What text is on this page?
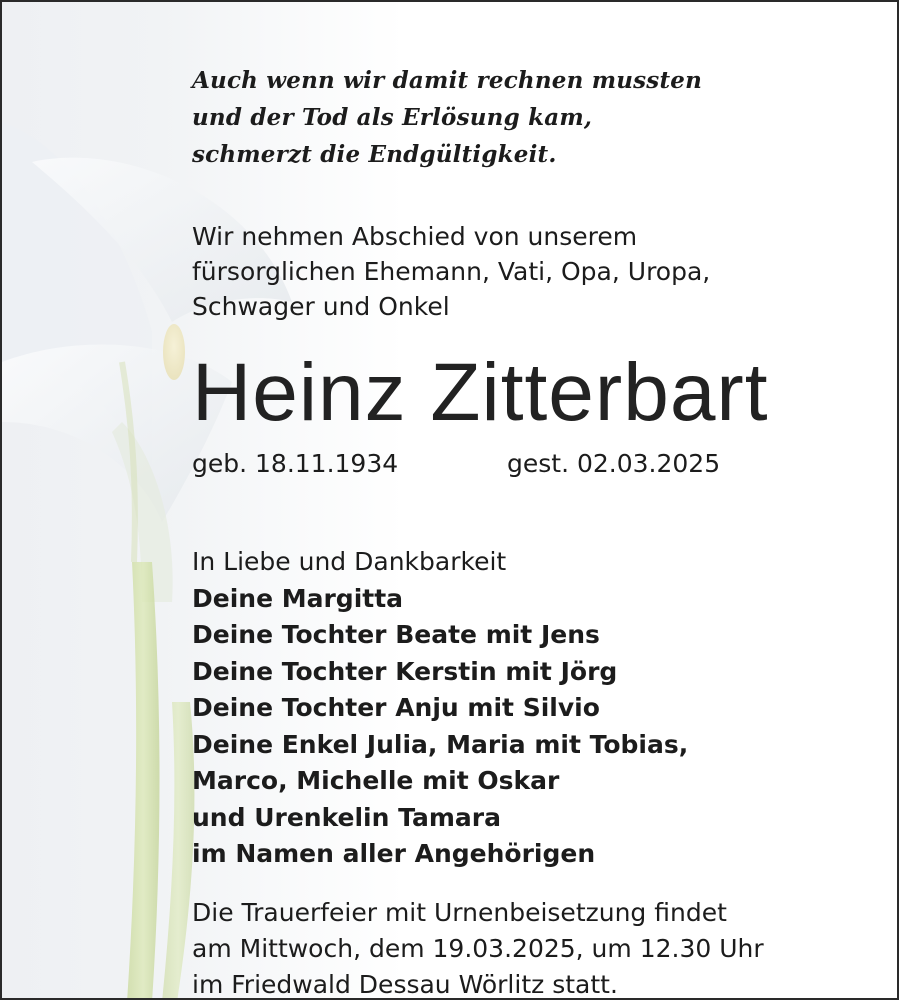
Auch wenn wir damit rechnen mussten
und der Tod als Erlösung kam,
schmerzt die Endgültigkeit.
Wir nehmen Abschied von unserem
fürsorglichen Ehemann, Vati, Opa, Uropa,
Schwager und Onkel
Heinz Zitterbart
geb. 18.11.1934	gest. 02.03.2025
In Liebe und Dankbarkeit
Deine Margitta
Deine Tochter Beate mit Jens
Deine Tochter Kerstin mit Jörg
Deine Tochter Anju mit Silvio
Deine Enkel Julia, Maria mit Tobias,
Marco, Michelle mit Oskar
und Urenkelin Tamara
im Namen aller Angehörigen
Die Trauerfeier mit Urnenbeisetzung findet
am Mittwoch, dem 19.03.2025, um 12.30 Uhr
im Friedwald Dessau Wörlitz statt.
